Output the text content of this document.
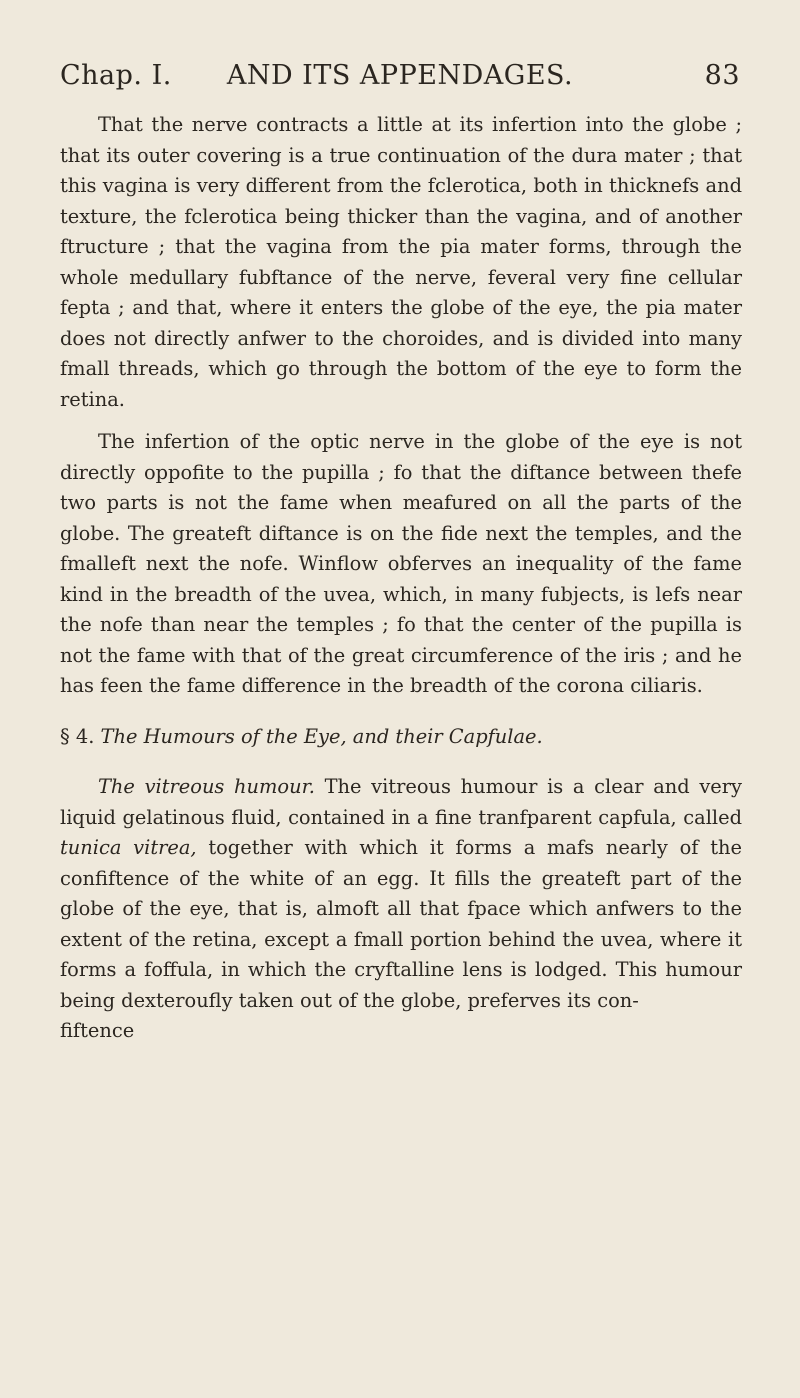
Chap. I.	AND ITS APPENDAGES.	83

That the nerve contracts a little at its infertion into the globe ; that its outer covering is a true continuation of the dura mater ; that this vagina is very different from the fclerotica, both in thicknefs and texture, the fclerotica being thicker than the vagina, and of another ftructure ; that the vagina from the pia mater forms, through the whole medullary fubftance of the nerve, feveral very fine cellular fepta ; and that, where it enters the globe of the eye, the pia mater does not directly anfwer to the choroides, and is divided into many fmall threads, which go through the bottom of the eye to form the retina.

The infertion of the optic nerve in the globe of the eye is not directly oppofite to the pupilla ; fo that the diftance between thefe two parts is not the fame when meafured on all the parts of the globe. The greateft diftance is on the fide next the temples, and the fmalleft next the nofe. Winflow obferves an inequality of the fame kind in the breadth of the uvea, which, in many fubjects, is lefs near the nofe than near the temples ; fo that the center of the pupilla is not the fame with that of the great circumference of the iris ; and he has feen the fame difference in the breadth of the corona ciliaris.

§ 4. The Humours of the Eye, and their Capfulae.

The vitreous humour. The vitreous humour is a clear and very liquid gelatinous fluid, contained in a fine tranfparent capfula, called tunica vitrea, together with which it forms a mafs nearly of the confiftence of the white of an egg. It fills the greateft part of the globe of the eye, that is, almoft all that fpace which anfwers to the extent of the retina, except a fmall portion behind the uvea, where it forms a foffula, in which the cryftalline lens is lodged. This humour being dexteroufly taken out of the globe, preferves its con-

fiftence
